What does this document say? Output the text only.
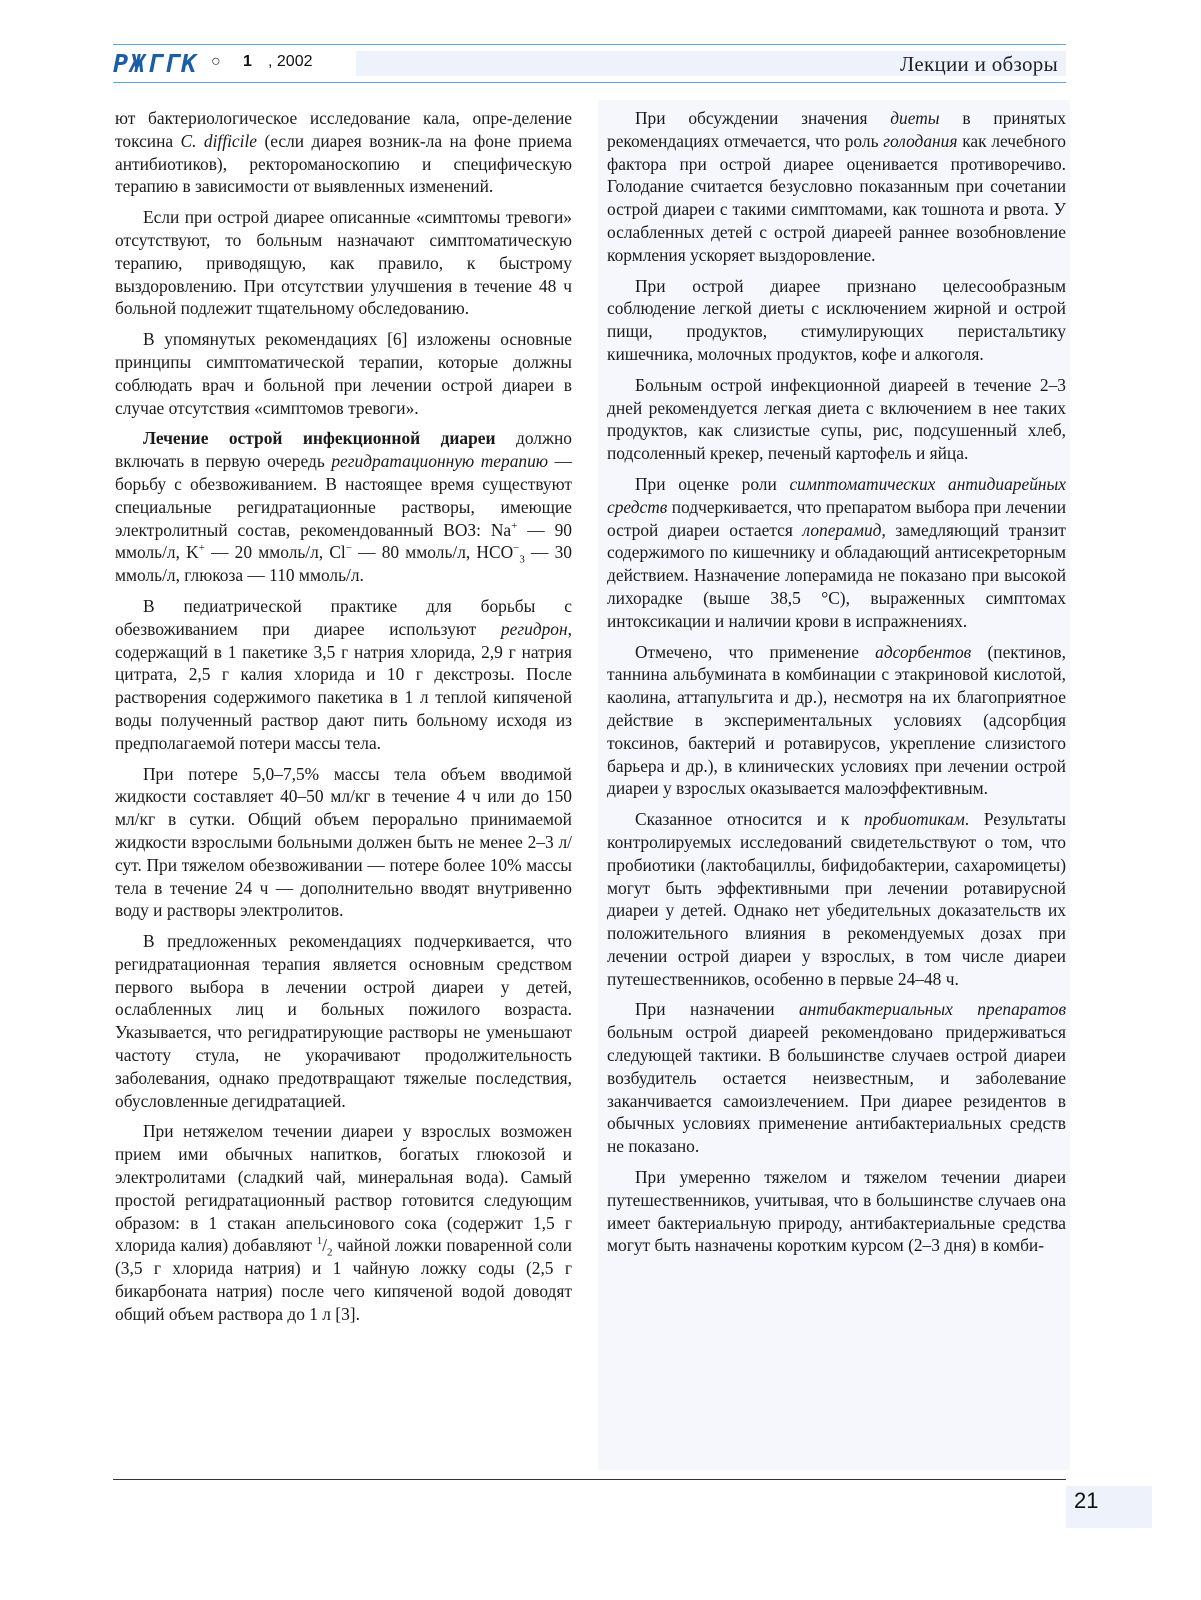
РЖГГК ○ 1 , 2002	Лекции и обзоры

ют бактериологическое исследование кала, опре-деление токсина C. difficile (если диарея возник-ла на фоне приема антибиотиков), ректороманоскопию и специфическую терапию в зависимости от выявленных изменений.

Если при острой диарее описанные «симптомы тревоги» отсутствуют, то больным назначают симптоматическую терапию, приводящую, как правило, к быстрому выздоровлению. При отсутствии улучшения в течение 48 ч больной подлежит тщательному обследованию.

В упомянутых рекомендациях [6] изложены основные принципы симптоматической терапии, которые должны соблюдать врач и больной при лечении острой диареи в случае отсутствия «симптомов тревоги».

Лечение острой инфекционной диареи должно включать в первую очередь регидратационную терапию — борьбу с обезвоживанием. В настоящее время существуют специальные регидратационные растворы, имеющие электролитный состав, рекомендованный ВОЗ: Na+ — 90 ммоль/л, K+ — 20 ммоль/л, Cl− — 80 ммоль/л, $HCO^-_3$ — 30 ммоль/л, глюкоза — 110 ммоль/л.

В педиатрической практике для борьбы с обезвоживанием при диарее используют регидрон, содержащий в 1 пакетике 3,5 г натрия хлорида, 2,9 г натрия цитрата, 2,5 г калия хлорида и 10 г декстрозы. После растворения содержимого пакетика в 1 л теплой кипяченой воды полученный раствор дают пить больному исходя из предполагаемой потери массы тела.

При потере 5,0–7,5% массы тела объем вводимой жидкости составляет 40–50 мл/кг в течение 4 ч или до 150 мл/кг в сутки. Общий объем перорально принимаемой жидкости взрослыми больными должен быть не менее 2–3 л/сут. При тяжелом обезвоживании — потере более 10% массы тела в течение 24 ч — дополнительно вводят внутривенно воду и растворы электролитов.

В предложенных рекомендациях подчеркивается, что регидратационная терапия является основным средством первого выбора в лечении острой диареи у детей, ослабленных лиц и больных пожилого возраста. Указывается, что регидратирующие растворы не уменьшают частоту стула, не укорачивают продолжительность заболевания, однако предотвращают тяжелые последствия, обусловленные дегидратацией.

При нетяжелом течении диареи у взрослых возможен прием ими обычных напитков, богатых глюкозой и электролитами (сладкий чай, минеральная вода). Самый простой регидратационный раствор готовится следующим образом: в 1 стакан апельсинового сока (содержит 1,5 г хлорида калия) добавляют $^1/_2$ чайной ложки поваренной соли (3,5 г хлорида натрия) и 1 чайную ложку соды (2,5 г бикарбоната натрия) после чего кипяченой водой доводят общий объем раствора до 1 л [3].

При обсуждении значения диеты в принятых рекомендациях отмечается, что роль голодания как лечебного фактора при острой диарее оценивается противоречиво. Голодание считается безусловно показанным при сочетании острой диареи с такими симптомами, как тошнота и рвота. У ослабленных детей с острой диареей раннее возобновление кормления ускоряет выздоровление.

При острой диарее признано целесообразным соблюдение легкой диеты с исключением жирной и острой пищи, продуктов, стимулирующих перистальтику кишечника, молочных продуктов, кофе и алкоголя.

Больным острой инфекционной диареей в течение 2–3 дней рекомендуется легкая диета с включением в нее таких продуктов, как слизистые супы, рис, подсушенный хлеб, подсоленный крекер, печеный картофель и яйца.

При оценке роли симптоматических антидиарейных средств подчеркивается, что препаратом выбора при лечении острой диареи остается лоперамид, замедляющий транзит содержимого по кишечнику и обладающий антисекреторным действием. Назначение лоперамида не показано при высокой лихорадке (выше 38,5 °C), выраженных симптомах интоксикации и наличии крови в испражнениях.

Отмечено, что применение адсорбентов (пектинов, таннина альбумината в комбинации с этакриновой кислотой, каолина, аттапульгита и др.), несмотря на их благоприятное действие в экспериментальных условиях (адсорбция токсинов, бактерий и ротавирусов, укрепление слизистого барьера и др.), в клинических условиях при лечении острой диареи у взрослых оказывается малоэффективным.

Сказанное относится и к пробиотикам. Результаты контролируемых исследований свидетельствуют о том, что пробиотики (лактобациллы, бифидобактерии, сахаромицеты) могут быть эффективными при лечении ротавирусной диареи у детей. Однако нет убедительных доказательств их положительного влияния в рекомендуемых дозах при лечении острой диареи у взрослых, в том числе диареи путешественников, особенно в первые 24–48 ч.

При назначении антибактериальных препаратов больным острой диареей рекомендовано придерживаться следующей тактики. В большинстве случаев острой диареи возбудитель остается неизвестным, и заболевание заканчивается самоизлечением. При диарее резидентов в обычных условиях применение антибактериальных средств не показано.

При умеренно тяжелом и тяжелом течении диареи путешественников, учитывая, что в большинстве случаев она имеет бактериальную природу, антибактериальные средства могут быть назначены коротким курсом (2–3 дня) в комби-

21
